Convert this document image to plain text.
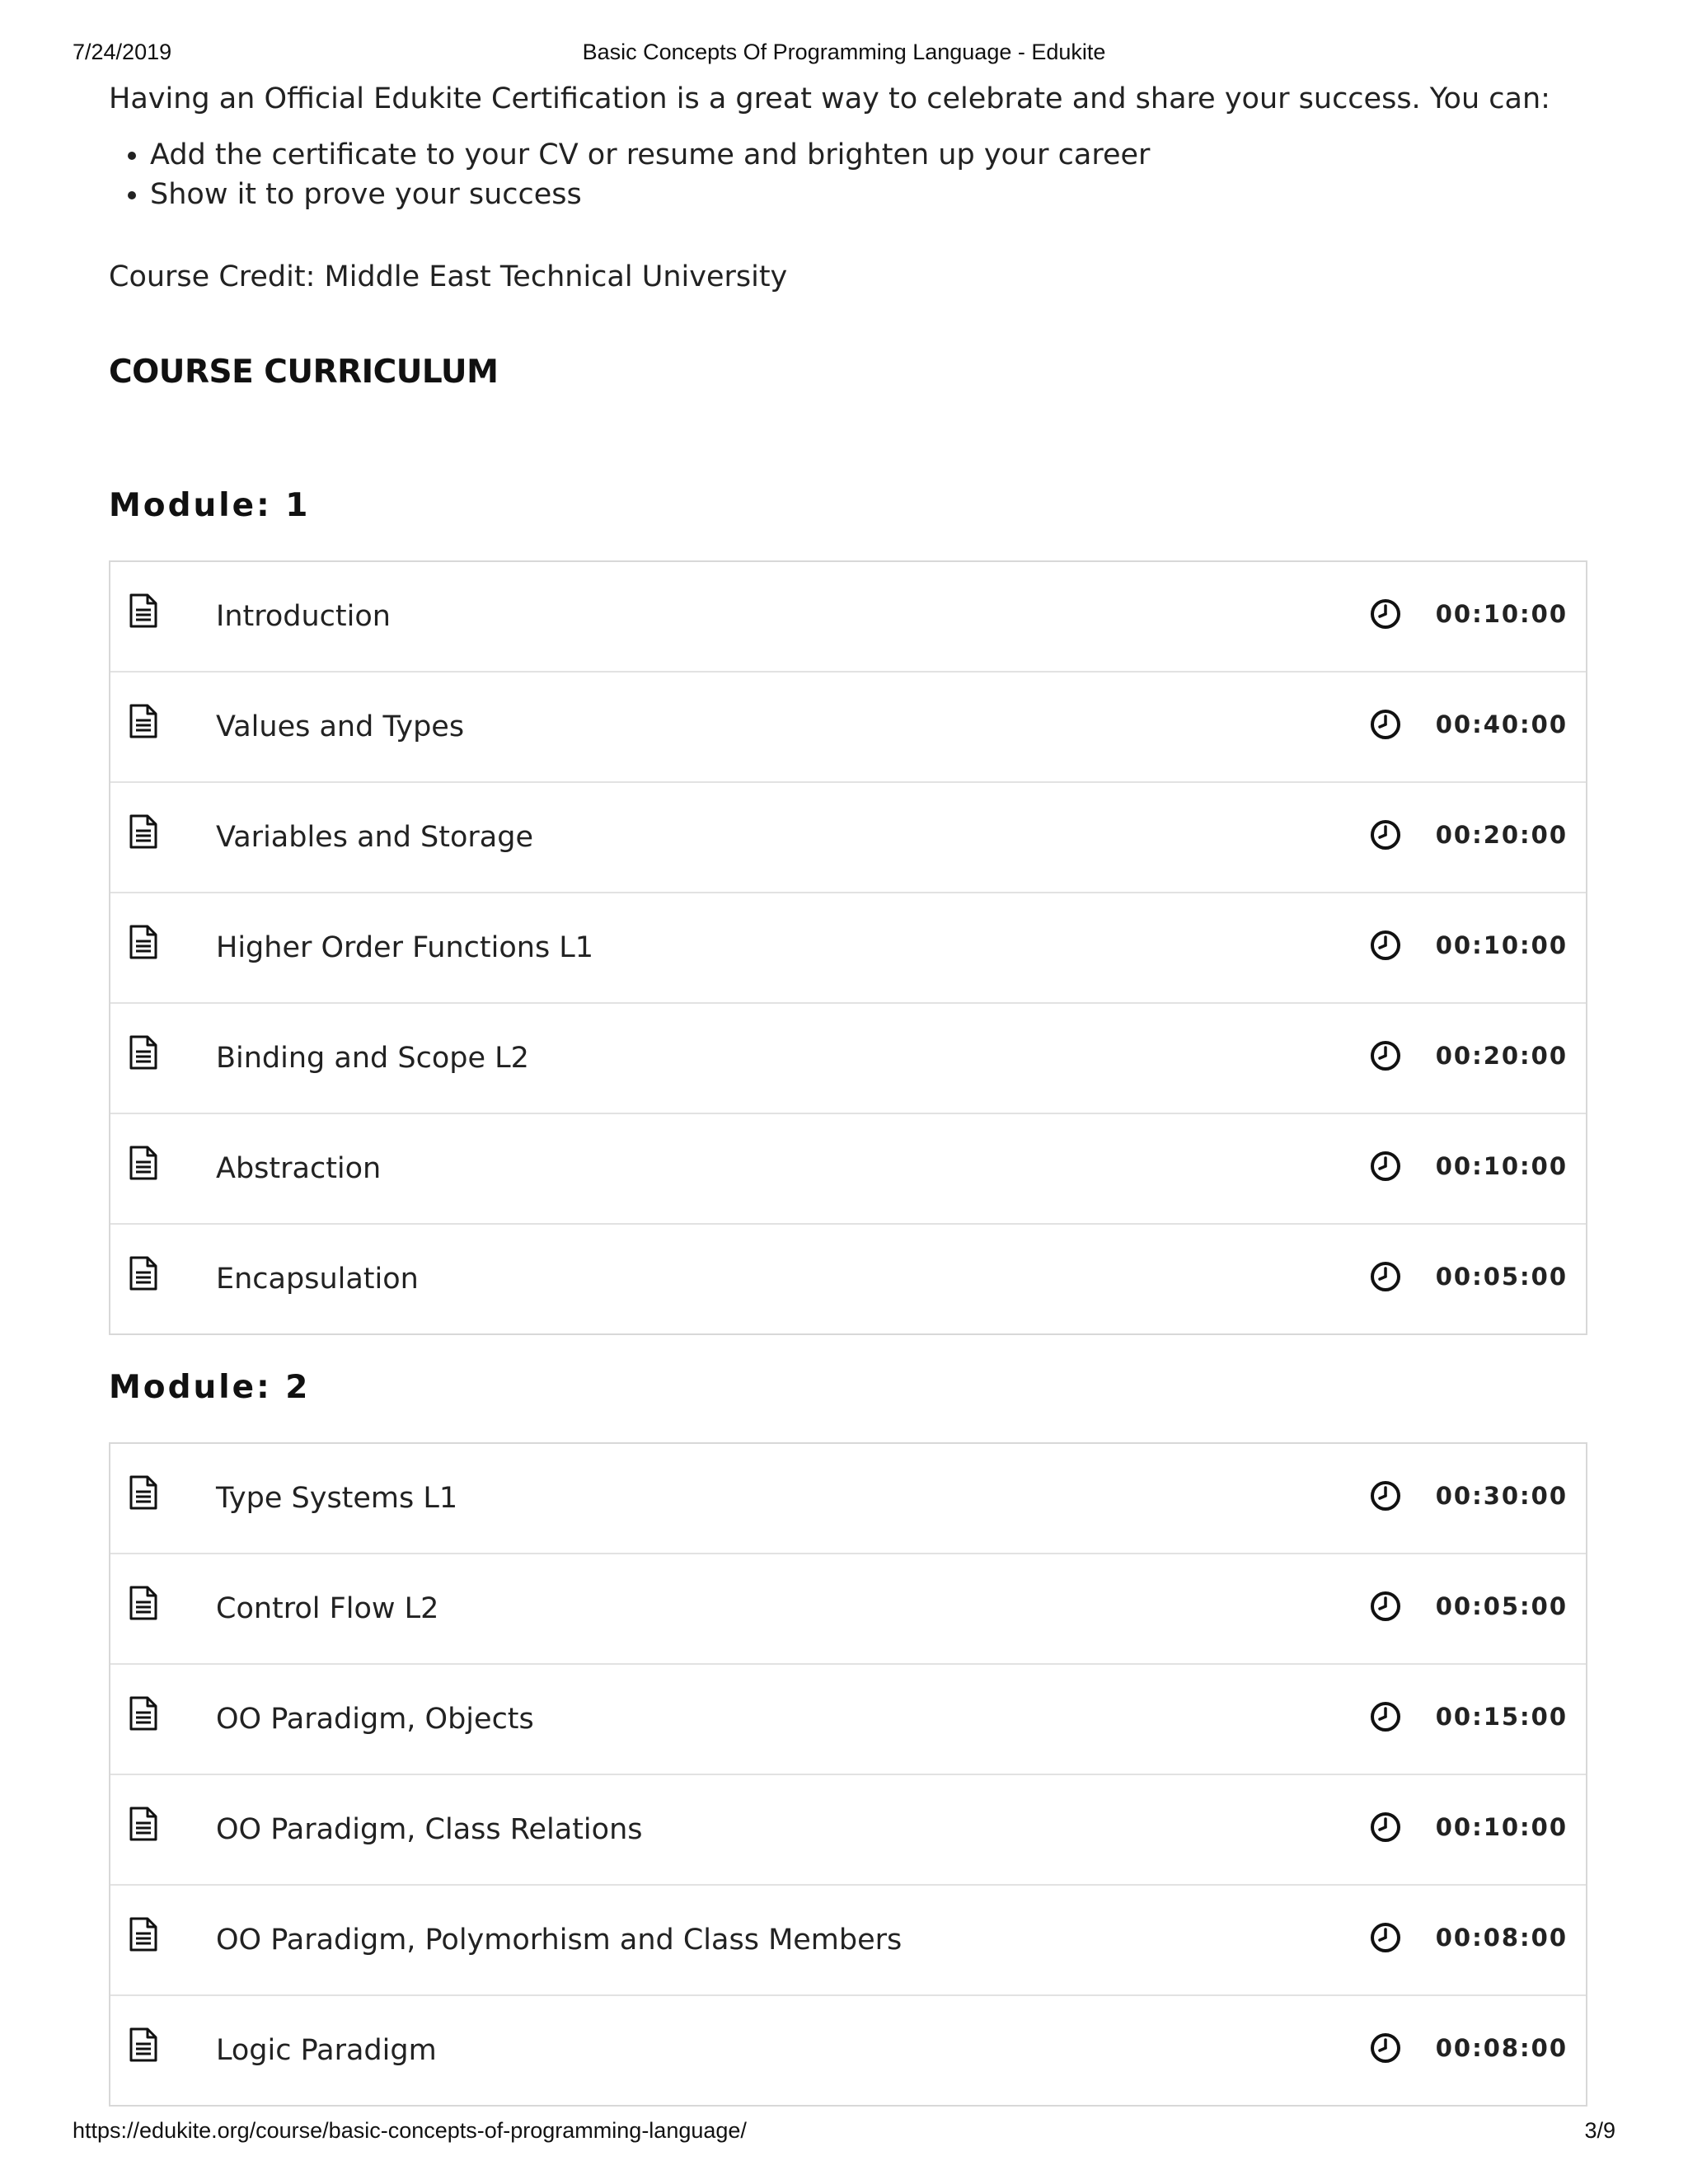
7/24/2019	Basic Concepts Of Programming Language - Edukite

Having an Official Edukite Certification is a great way to celebrate and share your success. You can:

• Add the certificate to your CV or resume and brighten up your career
• Show it to prove your success

Course Credit: Middle East Technical University

COURSE CURRICULUM
Module: 1
Introduction	00:10:00
Values and Types	00:40:00
Variables and Storage	00:20:00
Higher Order Functions L1	00:10:00
Binding and Scope L2	00:20:00
Abstraction	00:10:00
Encapsulation	00:05:00
Module: 2
Type Systems L1	00:30:00
Control Flow L2	00:05:00
OO Paradigm, Objects	00:15:00
OO Paradigm, Class Relations	00:10:00
OO Paradigm, Polymorhism and Class Members	00:08:00
Logic Paradigm	00:08:00
https://edukite.org/course/basic-concepts-of-programming-language/	3/9
